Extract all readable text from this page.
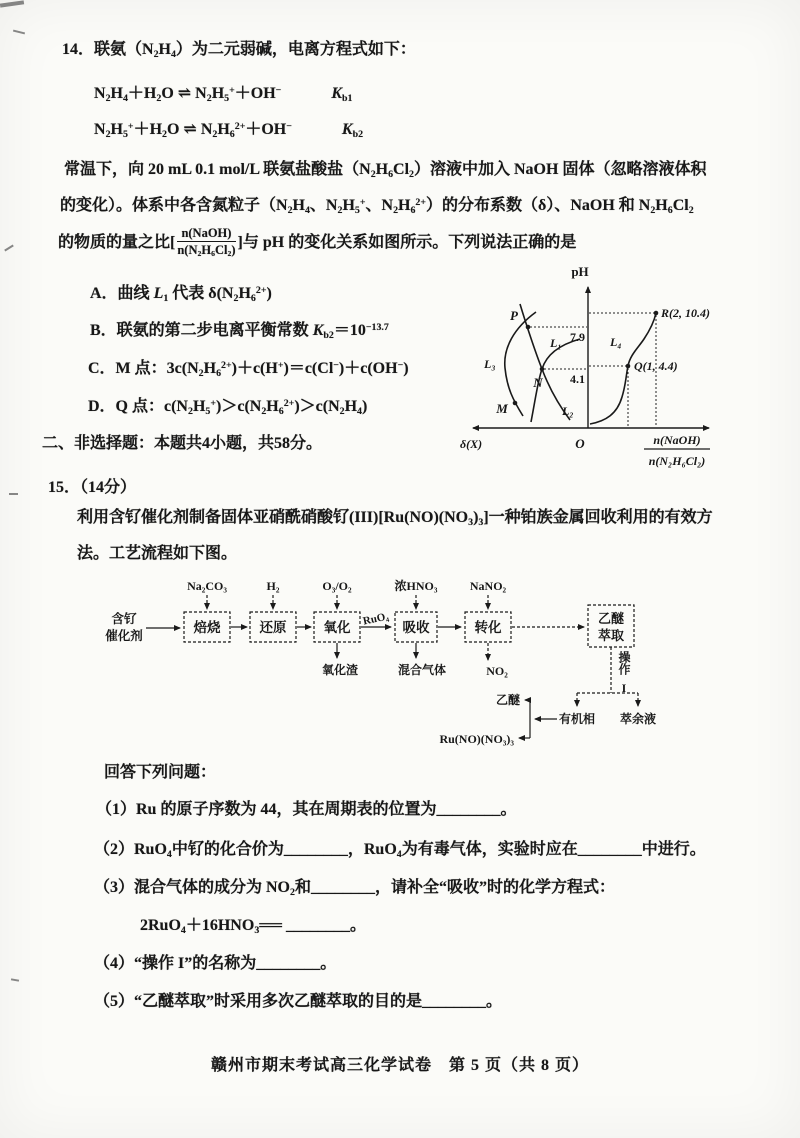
14．联氨$(N_2H_4)$为二元弱碱，电离方程式如下：
$N_2H_4+H_2O$ ⇌ $N_2H_5^++OH^-$	$K_{b1}$
$N_2H_5^++H_2O$ ⇌ $N_2H_6^{2+}+OH^-$	$K_{b2}$
常温下，向 20 mL 0.1 mol/L 联氨盐酸盐$(N_2H_6Cl_2)$溶液中加入 NaOH 固体（忽略溶液体积
的变化）。体系中各含氮粒子（$N_2H_4$、$N_2H_5^+$、$N_2H_6^{2+}$）的分布系数（δ）、NaOH 和 $N_2H_6Cl_2$
的物质的量之比[ $\frac{\text{n(NaOH)}}{n(N_2H_6Cl_2)}$ ]与 pH 的变化关系如图所示。下列说法正确的是
A．曲线 $L_1$ 代表 $\delta(N_2H_6^{2+})$
B．联氨的第二步电离平衡常数 $K_{b2}=10^{-13.7}$
C．M 点：$3c(N_2H_6^{2+})+c(H^+)=c(Cl^-)+c(OH^-)$
D．Q 点：$c(N_2H_5^+)>c(N_2H_6^{2+})>c(N_2H_4)$
pH
δ(X)	O	n(NaOH)
n(N₂H₆Cl₂)
7.9
4.1
P
N
M
R(2, 10.4)
Q(1, 4.4)
L₁
L₂
L₃
L₄
二、非选择题：本题共4小题，共58分。
15．（14分）
利用含钌催化剂制备固体亚硝酰硝酸钌$(III)[Ru(NO)(NO_3)_3]$一种铂族金属回收利用的有效方
法。工艺流程如下图。
含钌
催化剂
焙烧	还原	氧化	吸收	转化
乙醚
萃取
Na₂CO₃	H₂	O₃/O₂	浓HNO₃	NaNO₂
RuO₄
氧化渣	混合气体	NO₂	操作
I
有机相 萃余液
乙醚
Ru(NO)(NO₃)₃
回答下列问题：
（1）Ru 的原子序数为 44，其在周期表的位置为________。
（2）RuO$_4$中钌的化合价为________，RuO$_4$为有毒气体，实验时应在________中进行。
（3）混合气体的成分为 $NO_2$和________，请补全“吸收”时的化学方程式：
$2RuO_4+16HNO_3══$ ________。
（4）“操作 I”的名称为________。
（5）“乙醚萃取”时采用多次乙醚萃取的目的是________。
赣州市期末考试高三化学试卷　第 5 页（共 8 页）
